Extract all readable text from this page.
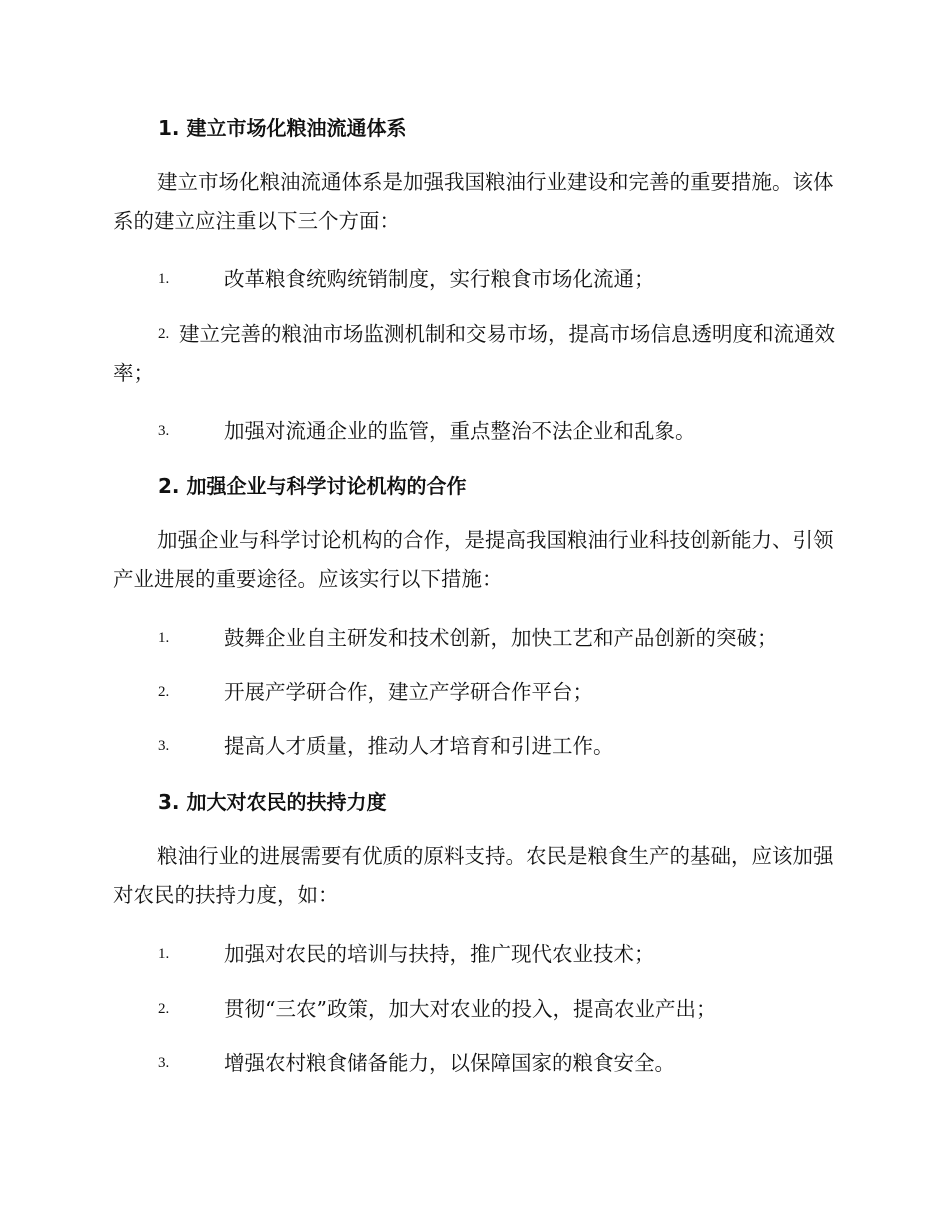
1. 建立市场化粮油流通体系

建立市场化粮油流通体系是加强我国粮油行业建设和完善的重要措施。该体系的建立应注重以下三个方面：

1.	改革粮食统购统销制度，实行粮食市场化流通；
2. 建立完善的粮油市场监测机制和交易市场，提高市场信息透明度和流通效率；
3.	加强对流通企业的监管，重点整治不法企业和乱象。
2. 加强企业与科学讨论机构的合作

加强企业与科学讨论机构的合作，是提高我国粮油行业科技创新能力、引领产业进展的重要途径。应该实行以下措施：

1.	鼓舞企业自主研发和技术创新，加快工艺和产品创新的突破；
2.	开展产学研合作，建立产学研合作平台；
3.	提高人才质量，推动人才培育和引进工作。
3. 加大对农民的扶持力度

粮油行业的进展需要有优质的原料支持。农民是粮食生产的基础，应该加强对农民的扶持力度，如：

1.	加强对农民的培训与扶持，推广现代农业技术；
2.	贯彻“三农”政策，加大对农业的投入，提高农业产出；
3.	增强农村粮食储备能力，以保障国家的粮食安全。
